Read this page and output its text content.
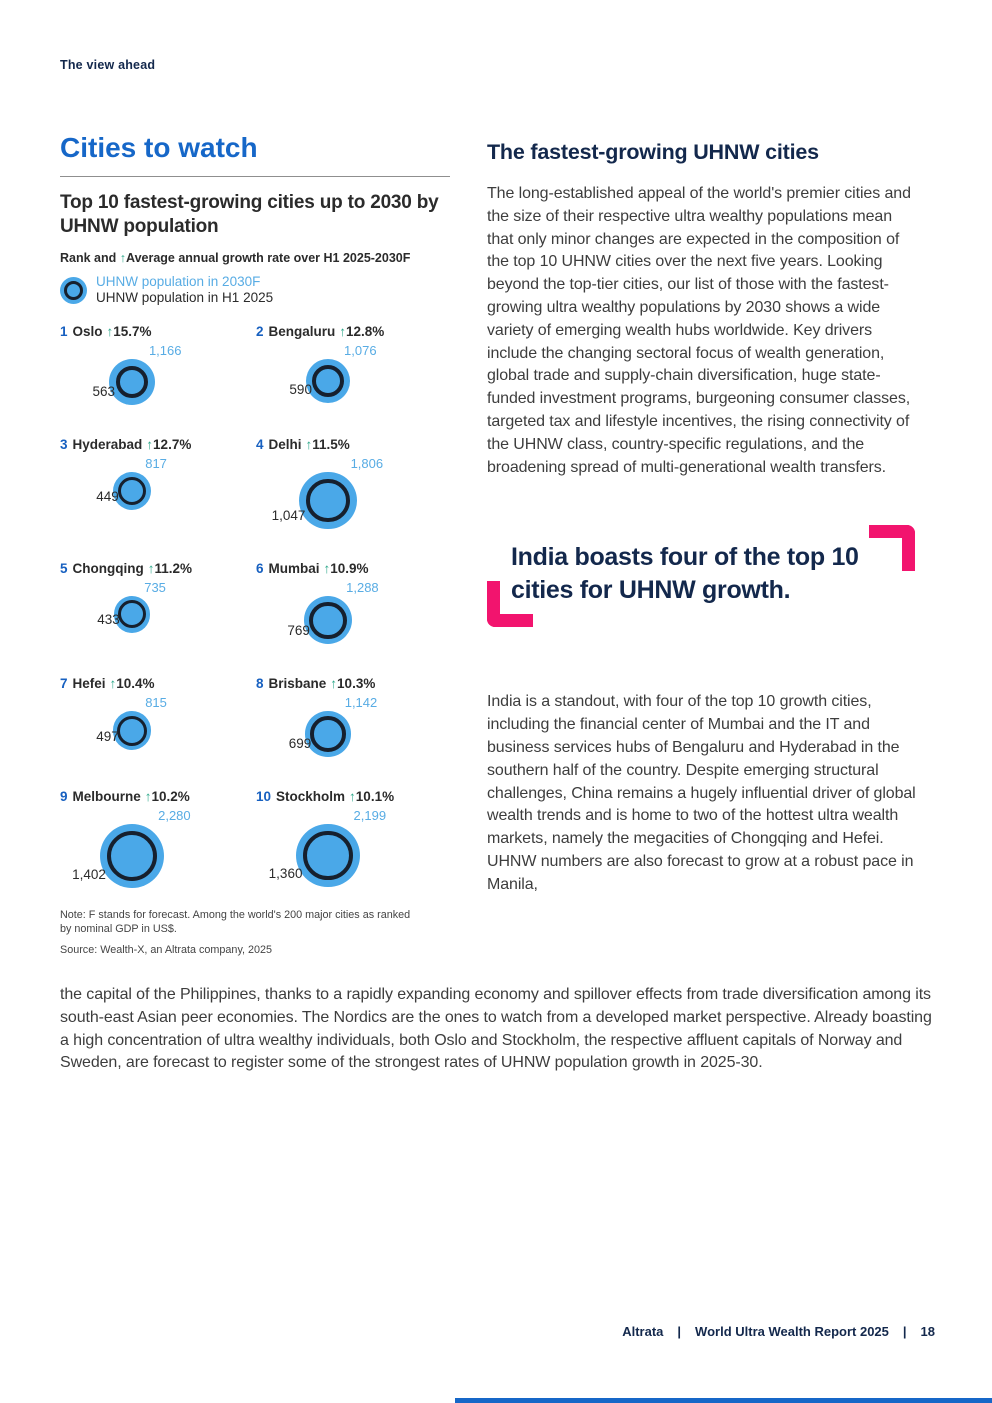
The view ahead
Cities to watch
Top 10 fastest-growing cities up to 2030 by UHNW population
Rank and ↑Average annual growth rate over H1 2025-2030F
UHNW population in 2030F
UHNW population in H1 2025
1 Oslo ↑15.7%
1,166
563
2 Bengaluru ↑12.8%
1,076
590
3 Hyderabad ↑12.7%
817
449
4 Delhi ↑11.5%
1,806
1,047
5 Chongqing ↑11.2%
735
433
6 Mumbai ↑10.9%
1,288
769
7 Hefei ↑10.4%
815
497
8 Brisbane ↑10.3%
1,142
699
9 Melbourne ↑10.2%
2,280
1,402
10 Stockholm ↑10.1%
2,199
1,360
Note: F stands for forecast. Among the world's 200 major cities as ranked by nominal GDP in US$.
Source: Wealth-X, an Altrata company, 2025
The fastest-growing UHNW cities

The long-established appeal of the world's premier cities and the size of their respective ultra wealthy populations mean that only minor changes are expected in the composition of the top 10 UHNW cities over the next five years. Looking beyond the top-tier cities, our list of those with the fastest-growing ultra wealthy populations by 2030 shows a wide variety of emerging wealth hubs worldwide. Key drivers include the changing sectoral focus of wealth generation, global trade and supply-chain diversification, huge state-funded investment programs, burgeoning consumer classes, targeted tax and lifestyle incentives, the rising connectivity of the UHNW class, country-specific regulations, and the broadening spread of multi-generational wealth transfers.

India boasts four of the top 10 cities for UHNW growth.

India is a standout, with four of the top 10 growth cities, including the financial center of Mumbai and the IT and business services hubs of Bengaluru and Hyderabad in the southern half of the country. Despite emerging structural challenges, China remains a hugely influential driver of global wealth trends and is home to two of the hottest ultra wealth markets, namely the megacities of Chongqing and Hefei. UHNW numbers are also forecast to grow at a robust pace in Manila,

the capital of the Philippines, thanks to a rapidly expanding economy and spillover effects from trade diversification among its south-east Asian peer economies. The Nordics are the ones to watch from a developed market perspective. Already boasting a high concentration of ultra wealthy individuals, both Oslo and Stockholm, the respective affluent capitals of Norway and Sweden, are forecast to register some of the strongest rates of UHNW population growth in 2025-30.

Altrata | World Ultra Wealth Report 2025 | 18
